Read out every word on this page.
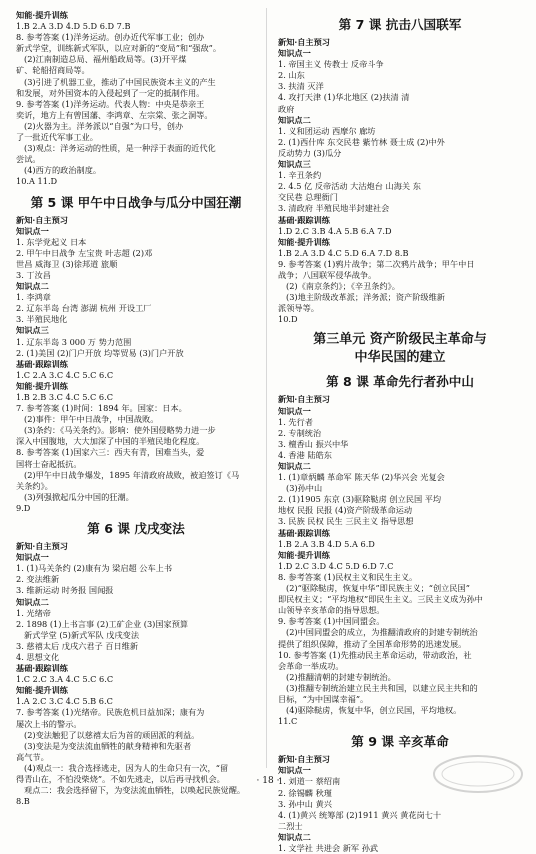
知能·提升训练
1.B 2.A 3.D 4.D 5.D 6.D 7.B
8. 参考答案 (1)洋务运动。创办近代军事工业；创办
新式学堂，训练新式军队，以应对新的“变局”和“强敌”。
(2)江南制造总局、福州船政局等。(3)开平煤
矿、轮船招商局等。
(3)引进了机器工业，推动了中国民族资本主义的产生
和发展，对外国资本的入侵起到了一定的抵制作用。
9. 参考答案 (1)洋务运动。代表人物：中央是恭亲王
奕䜣，地方上有曾国藩、李鸿章、左宗棠、张之洞等。
(2)火器为主。洋务派以“自强”为口号，创办
了一批近代军事工业。
(3)观点：洋务运动的性质，是一种浮于表面的近代化
尝试。
(4)西方的政治制度。
10.A 11.D
第 5 课 甲午中日战争与瓜分中国狂潮
新知·自主预习
知识点一
1. 东学党起义 日本
2. 甲午中日战争 左宝贵 叶志超 (2)邓
世昌 威海卫 (3)徐邦道 旅顺
3. 丁汝昌
知识点二
1. 李鸿章
2. 辽东半岛 台湾 澎湖 杭州 开设工厂
3. 半殖民地化
知识点三
1. 辽东半岛 3 000 万 势力范围
2. (1)美国 (2)门户开放 均等贸易 (3)门户开放
基础·跟踪训练
1.C 2.A 3.C 4.C 5.C 6.C
知能·提升训练
1.B 2.B 3.C 4.C 5.C 6.C
7. 参考答案 (1)时间：1894 年。国家：日本。
(2)事件：甲午中日战争，中国战败。
(3)条约：《马关条约》。影响：使外国侵略势力进一步
深入中国腹地，大大加深了中国的半殖民地化程度。
8. 参考答案 (1)国家六三：西夫有青，国难当头，爱
国将士奋起抵抗。
(2)甲午中日战争爆发，1895 年清政府战败，被迫签订《马
关条约》。
(3)列强掀起瓜分中国的狂潮。
9.D
第 6 课 戊戌变法
新知·自主预习
知识点一
1. (1)马关条约 (2)康有为 梁启超 公车上书
2. 变法维新
3. 维新运动 时务报 国闻报
知识点二
1. 光绪帝
2. 1898 (1)上书言事 (2)工矿企业 (3)国家预算
新式学堂 (5)新式军队 戊戌变法
3. 慈禧太后 戊戌六君子 百日维新
4. 思想文化
基础·跟踪训练
1.C 2.C 3.A 4.C 5.C 6.C
知能·提升训练
1.A 2.C 3.C 4.C 5.B 6.C
7. 参考答案 (1)光绪帝。民族危机日益加深；康有为
屡次上书的警示。
(2)变法触犯了以慈禧太后为首的顽固派的利益。
(3)变法是为变法流血牺牲的献身精神和先驱者
高气节。
(4)观点一：我合选择逃走，因为人的生命只有一次，“留
得青山在，不怕没柴烧”。不如先逃走，以后再寻找机会。
观点二：我会选择留下，为变法流血牺牲，以唤起民族觉醒。
8.B
第 7 课 抗击八国联军
新知·自主预习
知识点一
1. 帝国主义 传教士 反帝斗争
2. 山东
3. 扶清 灭洋
4. 攻打天津 (1)华北地区 (2)扶清 清
政府
知识点二
1. 义和团运动 西摩尔 廊坊
2. (1)西什库 东交民巷 紫竹林 聂士成 (2)中外
反动势力 (3)瓜分
知识点三
1. 辛丑条约
2. 4.5 亿 反帝活动 大沽炮台 山海关 东
交民巷 总理衙门
3. 清政府 半殖民地半封建社会
基础·跟踪训练
1.D 2.C 3.B 4.A 5.B 6.A 7.D
知能·提升训练
1.B 2.A 3.D 4.C 5.D 6.A 7.D 8.B
9. 参考答案 (1)鸦片战争；第二次鸦片战争；甲午中日
战争；八国联军侵华战争。
(2)《南京条约》；《辛丑条约》。
(3)地主阶级改革派；洋务派；资产阶级维新
派领导等。
10.D
第三单元 资产阶级民主革命与
中华民国的建立
第 8 课 革命先行者孙中山
新知·自主预习
知识点一
1. 先行者
2. 专制统治
3. 檀香山 振兴中华
4. 香港 陆皓东
知识点二
1. (1)章炳麟 革命军 陈天华 (2)华兴会 光复会
(3)孙中山
2. (1)1905 东京 (3)驱除鞑虏 创立民国 平均
地权 民报 民报 (4)资产阶级革命运动
3. 民族 民权 民生 三民主义 指导思想
基础·跟踪训练
1.B 2.A 3.B 4.D 5.A 6.D
知能·提升训练
1.D 2.C 3.D 4.C 5.D 6.D 7.C
8. 参考答案 (1)民权主义和民生主义。
(2)“驱除鞑虏，恢复中华”即民族主义；“创立民国”
即民权主义；“平均地权”即民生主义。三民主义成为孙中
山领导辛亥革命的指导思想。
9. 参考答案 (1)中国同盟会。
(2)中国同盟会的成立，为推翻清政府的封建专制统治
提供了组织保障，推动了全国革命形势的迅速发展。
10. 参考答案 (1)先推动民主革命运动，带动政治，社
会革命一举成功。
(2)推翻清朝的封建专制统治。
(3)推翻专制统治建立民主共和国，以建立民主共和的
目标，“为中国谋幸福”。
(4)驱除鞑虏，恢复中华，创立民国，平均地权。
11.C
第 9 课 辛亥革命
新知·自主预习
知识点一
1. 刘道一 蔡绍南
2. 徐锡麟 秋瑾
3. 孙中山 黄兴
4. (1)黄兴 统筹部 (2)1911 黄兴 黄花岗七十
二烈士
知识点二
1. 文学社 共进会 新军 孙武
· 18 ·
